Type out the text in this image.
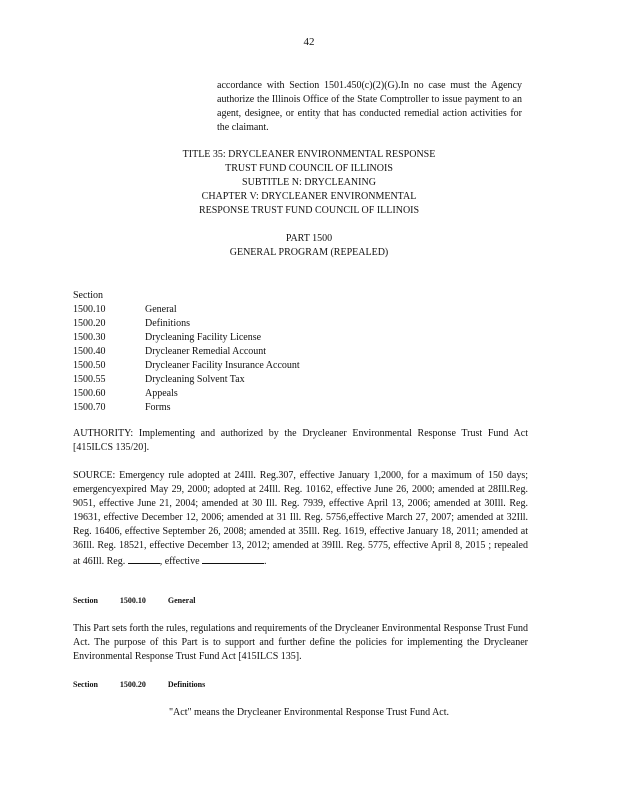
42
accordance with Section 1501.450(c)(2)(G).In no case must the Agency authorize the Illinois Office of the State Comptroller to issue payment to an agent, designee, or entity that has conducted remedial action activities for the claimant.
TITLE 35: DRYCLEANER ENVIRONMENTAL RESPONSE
TRUST FUND COUNCIL OF ILLINOIS
SUBTITLE N: DRYCLEANING
CHAPTER V: DRYCLEANER ENVIRONMENTAL
RESPONSE TRUST FUND COUNCIL OF ILLINOIS
PART 1500
GENERAL PROGRAM (REPEALED)
Section
1500.10	General
1500.20	Definitions
1500.30	Drycleaning Facility License
1500.40	Drycleaner Remedial Account
1500.50	Drycleaner Facility Insurance Account
1500.55	Drycleaning Solvent Tax
1500.60	Appeals
1500.70	Forms
AUTHORITY: Implementing and authorized by the Drycleaner Environmental Response Trust Fund Act [415ILCS 135/20].
SOURCE: Emergency rule adopted at 24Ill. Reg.307, effective January 1,2000, for a maximum of 150 days; emergencyexpired May 29, 2000; adopted at 24Ill. Reg. 10162, effective June 26, 2000; amended at 28Ill.Reg. 9051, effective June 21, 2004; amended at 30 Ill. Reg. 7939, effective April 13, 2006; amended at 30Ill. Reg. 19631, effective December 12, 2006; amended at 31 Ill. Reg. 5756,effective March 27, 2007; amended at 32Ill. Reg. 16406, effective September 26, 2008; amended at 35Ill. Reg. 1619, effective January 18, 2011; amended at 36Ill. Reg. 18521, effective December 13, 2012; amended at 39Ill. Reg. 5775, effective April 8, 2015 ; repealed at 46Ill. Reg.	, effective	.
Section	1500.10	General
This Part sets forth the rules, regulations and requirements of the Drycleaner Environmental Response Trust Fund Act. The purpose of this Part is to support and further define the policies for implementing the Drycleaner Environmental Response Trust Fund Act [415ILCS 135].
Section	1500.20	Definitions
"Act" means the Drycleaner Environmental Response Trust Fund Act.
